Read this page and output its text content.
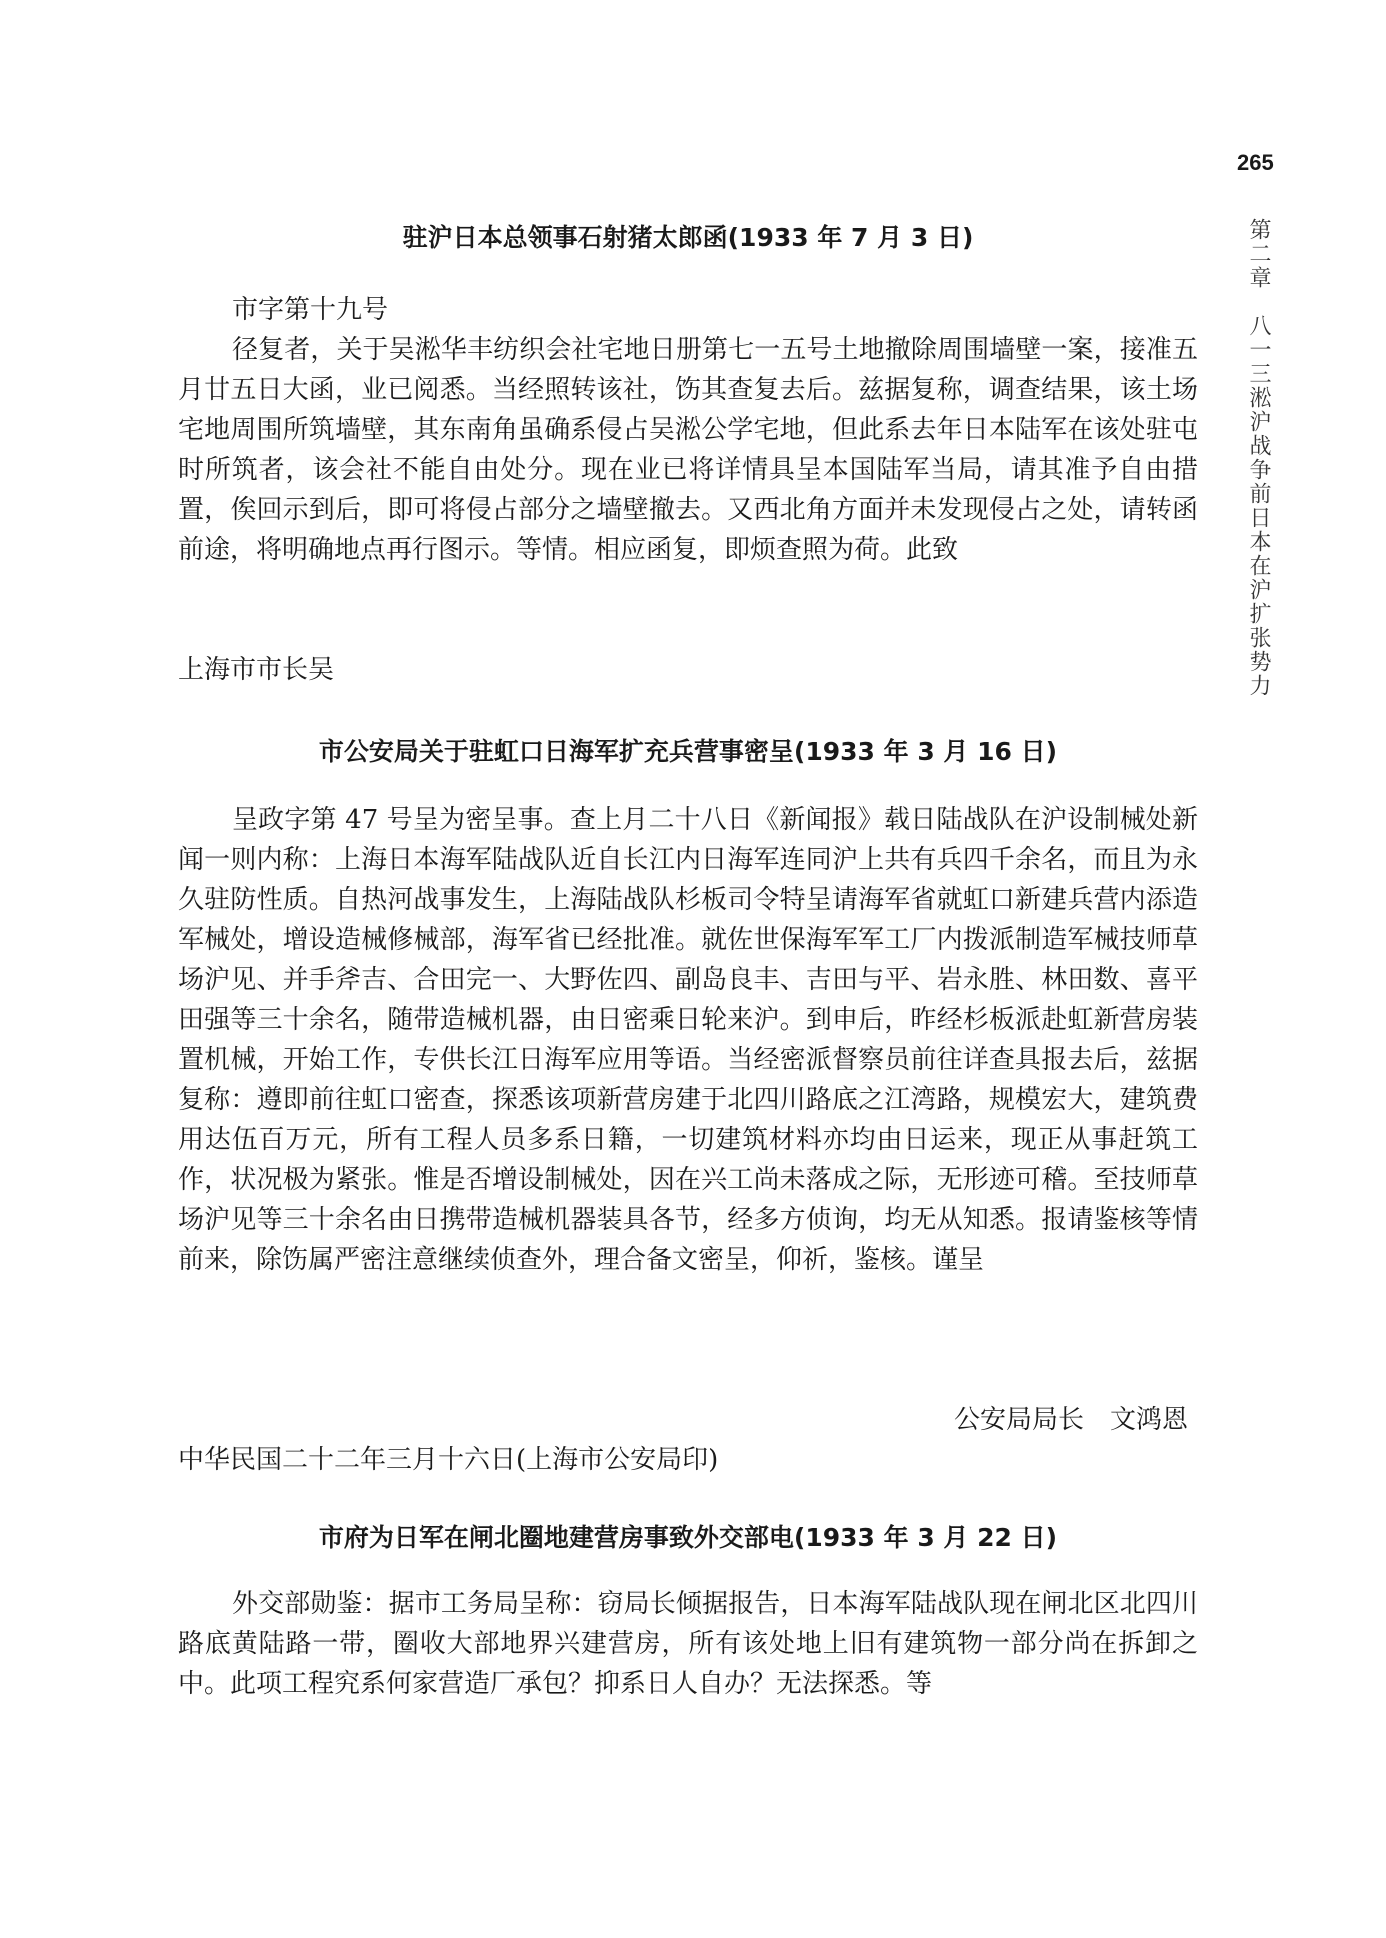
265
第二章　八一三淞沪战争前日本在沪扩张势力
驻沪日本总领事石射猪太郎函(1933 年 7 月 3 日)
市字第十九号
径复者，关于吴淞华丰纺织会社宅地日册第七一五号土地撤除周围墙壁一案，接准五月廿五日大函，业已阅悉。当经照转该社，饬其查复去后。兹据复称，调查结果，该土场宅地周围所筑墙壁，其东南角虽确系侵占吴淞公学宅地，但此系去年日本陆军在该处驻屯时所筑者，该会社不能自由处分。现在业已将详情具呈本国陆军当局，请其准予自由措置，俟回示到后，即可将侵占部分之墙壁撤去。又西北角方面并未发现侵占之处，请转函前途，将明确地点再行图示。等情。相应函复，即烦查照为荷。此致
上海市市长吴
市公安局关于驻虹口日海军扩充兵营事密呈(1933 年 3 月 16 日)
呈政字第 47 号呈为密呈事。查上月二十八日《新闻报》载日陆战队在沪设制械处新闻一则内称：上海日本海军陆战队近自长江内日海军连同沪上共有兵四千余名，而且为永久驻防性质。自热河战事发生，上海陆战队杉板司令特呈请海军省就虹口新建兵营内添造军械处，增设造械修械部，海军省已经批准。就佐世保海军军工厂内拨派制造军械技师草场沪见、并手斧吉、合田完一、大野佐四、副岛良丰、吉田与平、岩永胜、林田数、喜平田强等三十余名，随带造械机器，由日密乘日轮来沪。到申后，昨经杉板派赴虹新营房装置机械，开始工作，专供长江日海军应用等语。当经密派督察员前往详查具报去后，兹据复称：遵即前往虹口密查，探悉该项新营房建于北四川路底之江湾路，规模宏大，建筑费用达伍百万元，所有工程人员多系日籍，一切建筑材料亦均由日运来，现正从事赶筑工作，状况极为紧张。惟是否增设制械处，因在兴工尚未落成之际，无形迹可稽。至技师草场沪见等三十余名由日携带造械机器装具各节，经多方侦询，均无从知悉。报请鉴核等情前来，除饬属严密注意继续侦查外，理合备文密呈，仰祈，鉴核。谨呈
公安局局长　文鸿恩
中华民国二十二年三月十六日(上海市公安局印)
市府为日军在闸北圈地建营房事致外交部电(1933 年 3 月 22 日)
外交部勋鉴：据市工务局呈称：窃局长倾据报告，日本海军陆战队现在闸北区北四川路底黄陆路一带，圈收大部地界兴建营房，所有该处地上旧有建筑物一部分尚在拆卸之中。此项工程究系何家营造厂承包？抑系日人自办？无法探悉。等
